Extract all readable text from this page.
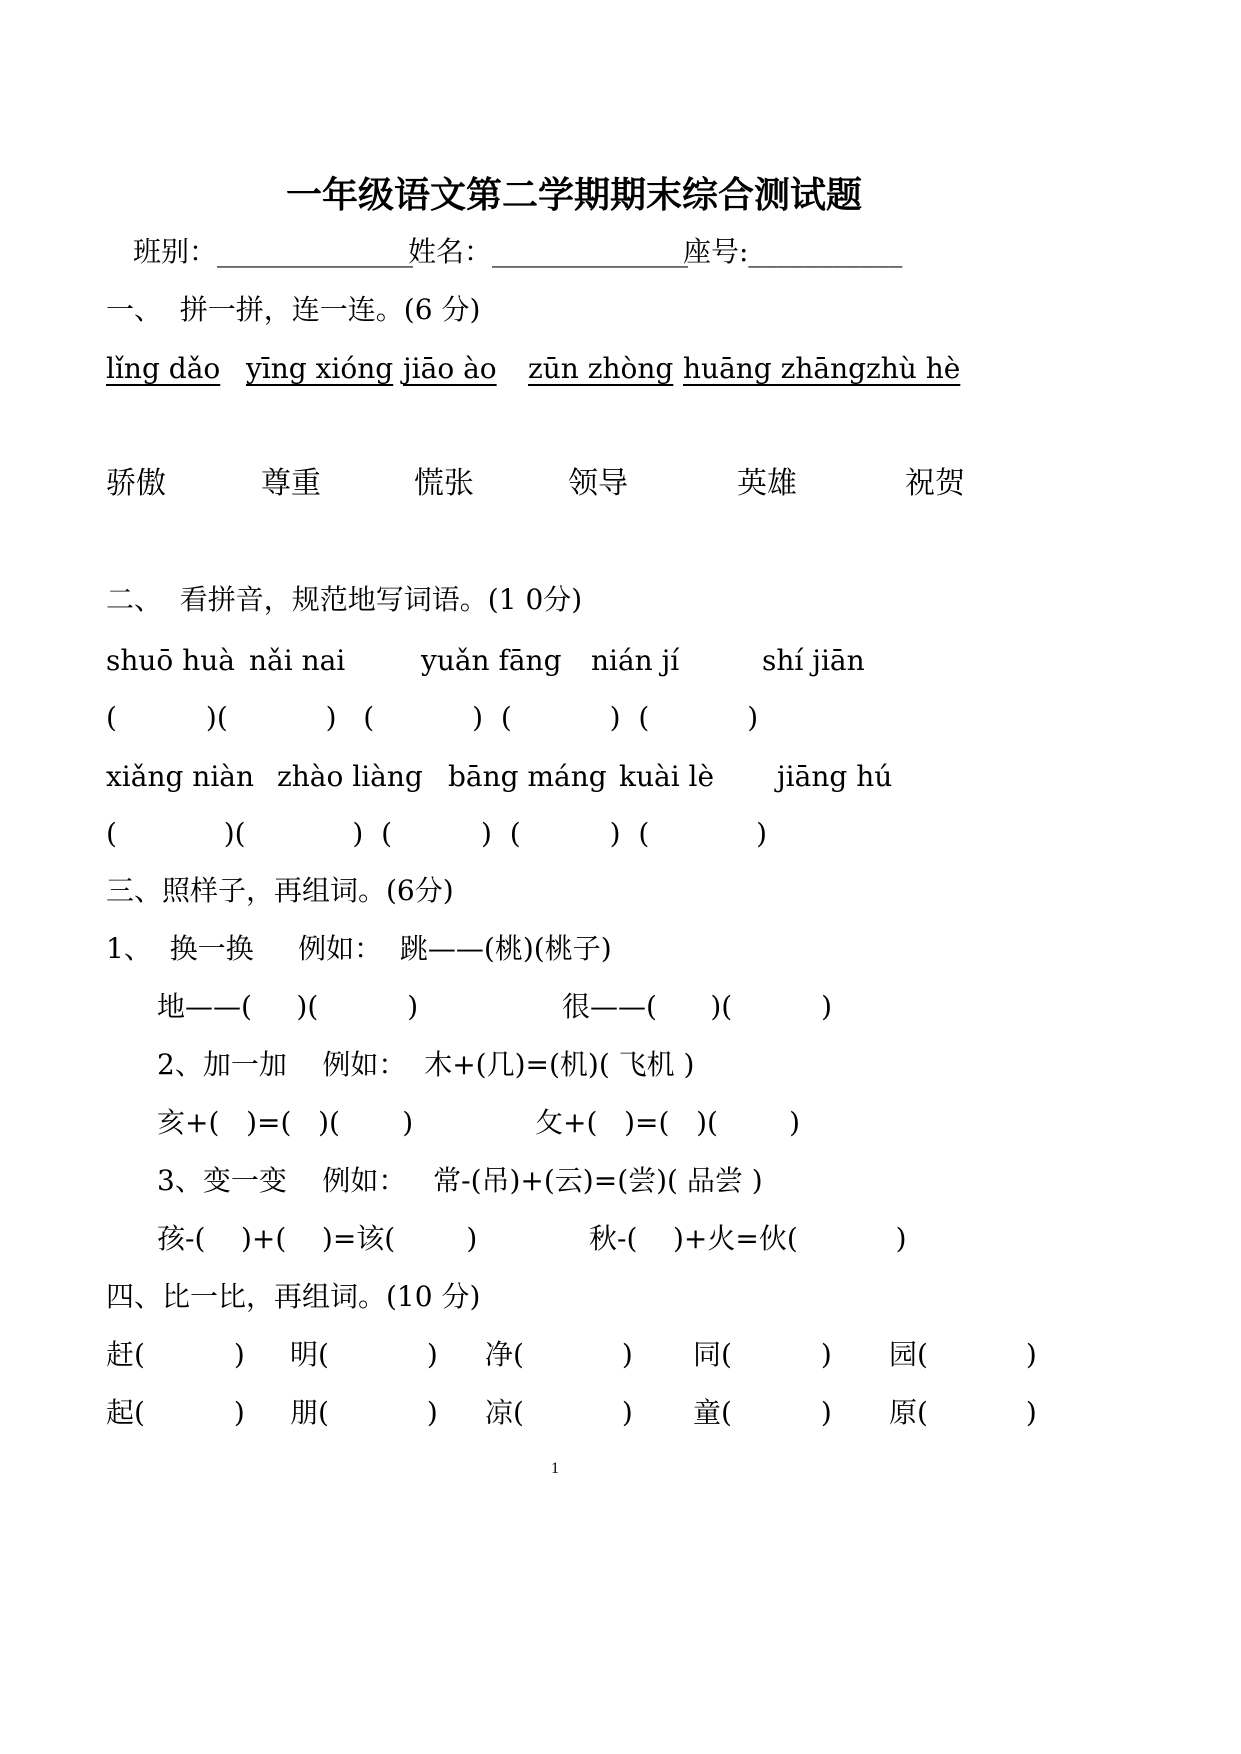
一年级语文第二学期期末综合测试题
班别：______________
姓名：______________
座号:___________
一、  拼一拼，连一连。(6 分)
lǐng dǎo yīng xióng jiāo ào zūn zhòng huāng zhāng zhù hè
骄傲	尊重	慌张	领导	英雄	祝贺
二、  看拼音，规范地写词语。(1 0分)
shuō huà nǎi nai	yuǎn fāng nián jí	shí jiān
(          )(           )   (           )  (           )  (           )
xiǎng niàn zhào liàng bāng máng kuài lè jiāng hú
(            )(            )  (          )  (          )  (            )
三、照样子，再组词。(6分)
1、  换一换     例如：  跳——(桃)(桃子)
地——(     )(          )	很——(      )(          )
2、加一加    例如：  木+(几)=(机)( 飞机 )
亥+(   )=(   )(       )	攵+(   )=(   )(        )
3、变一变    例如：   常-(吊)+(云)=(尝)( 品尝 )
孩-(    )+(    )=该(        )	秋-(    )+火=伙(           )
四、比一比，再组词。(10 分)
赶(          ) 明(           ) 净(           ) 同(          ) 园(           )
起(          ) 朋(           ) 凉(           ) 童(          ) 原(           )
1
